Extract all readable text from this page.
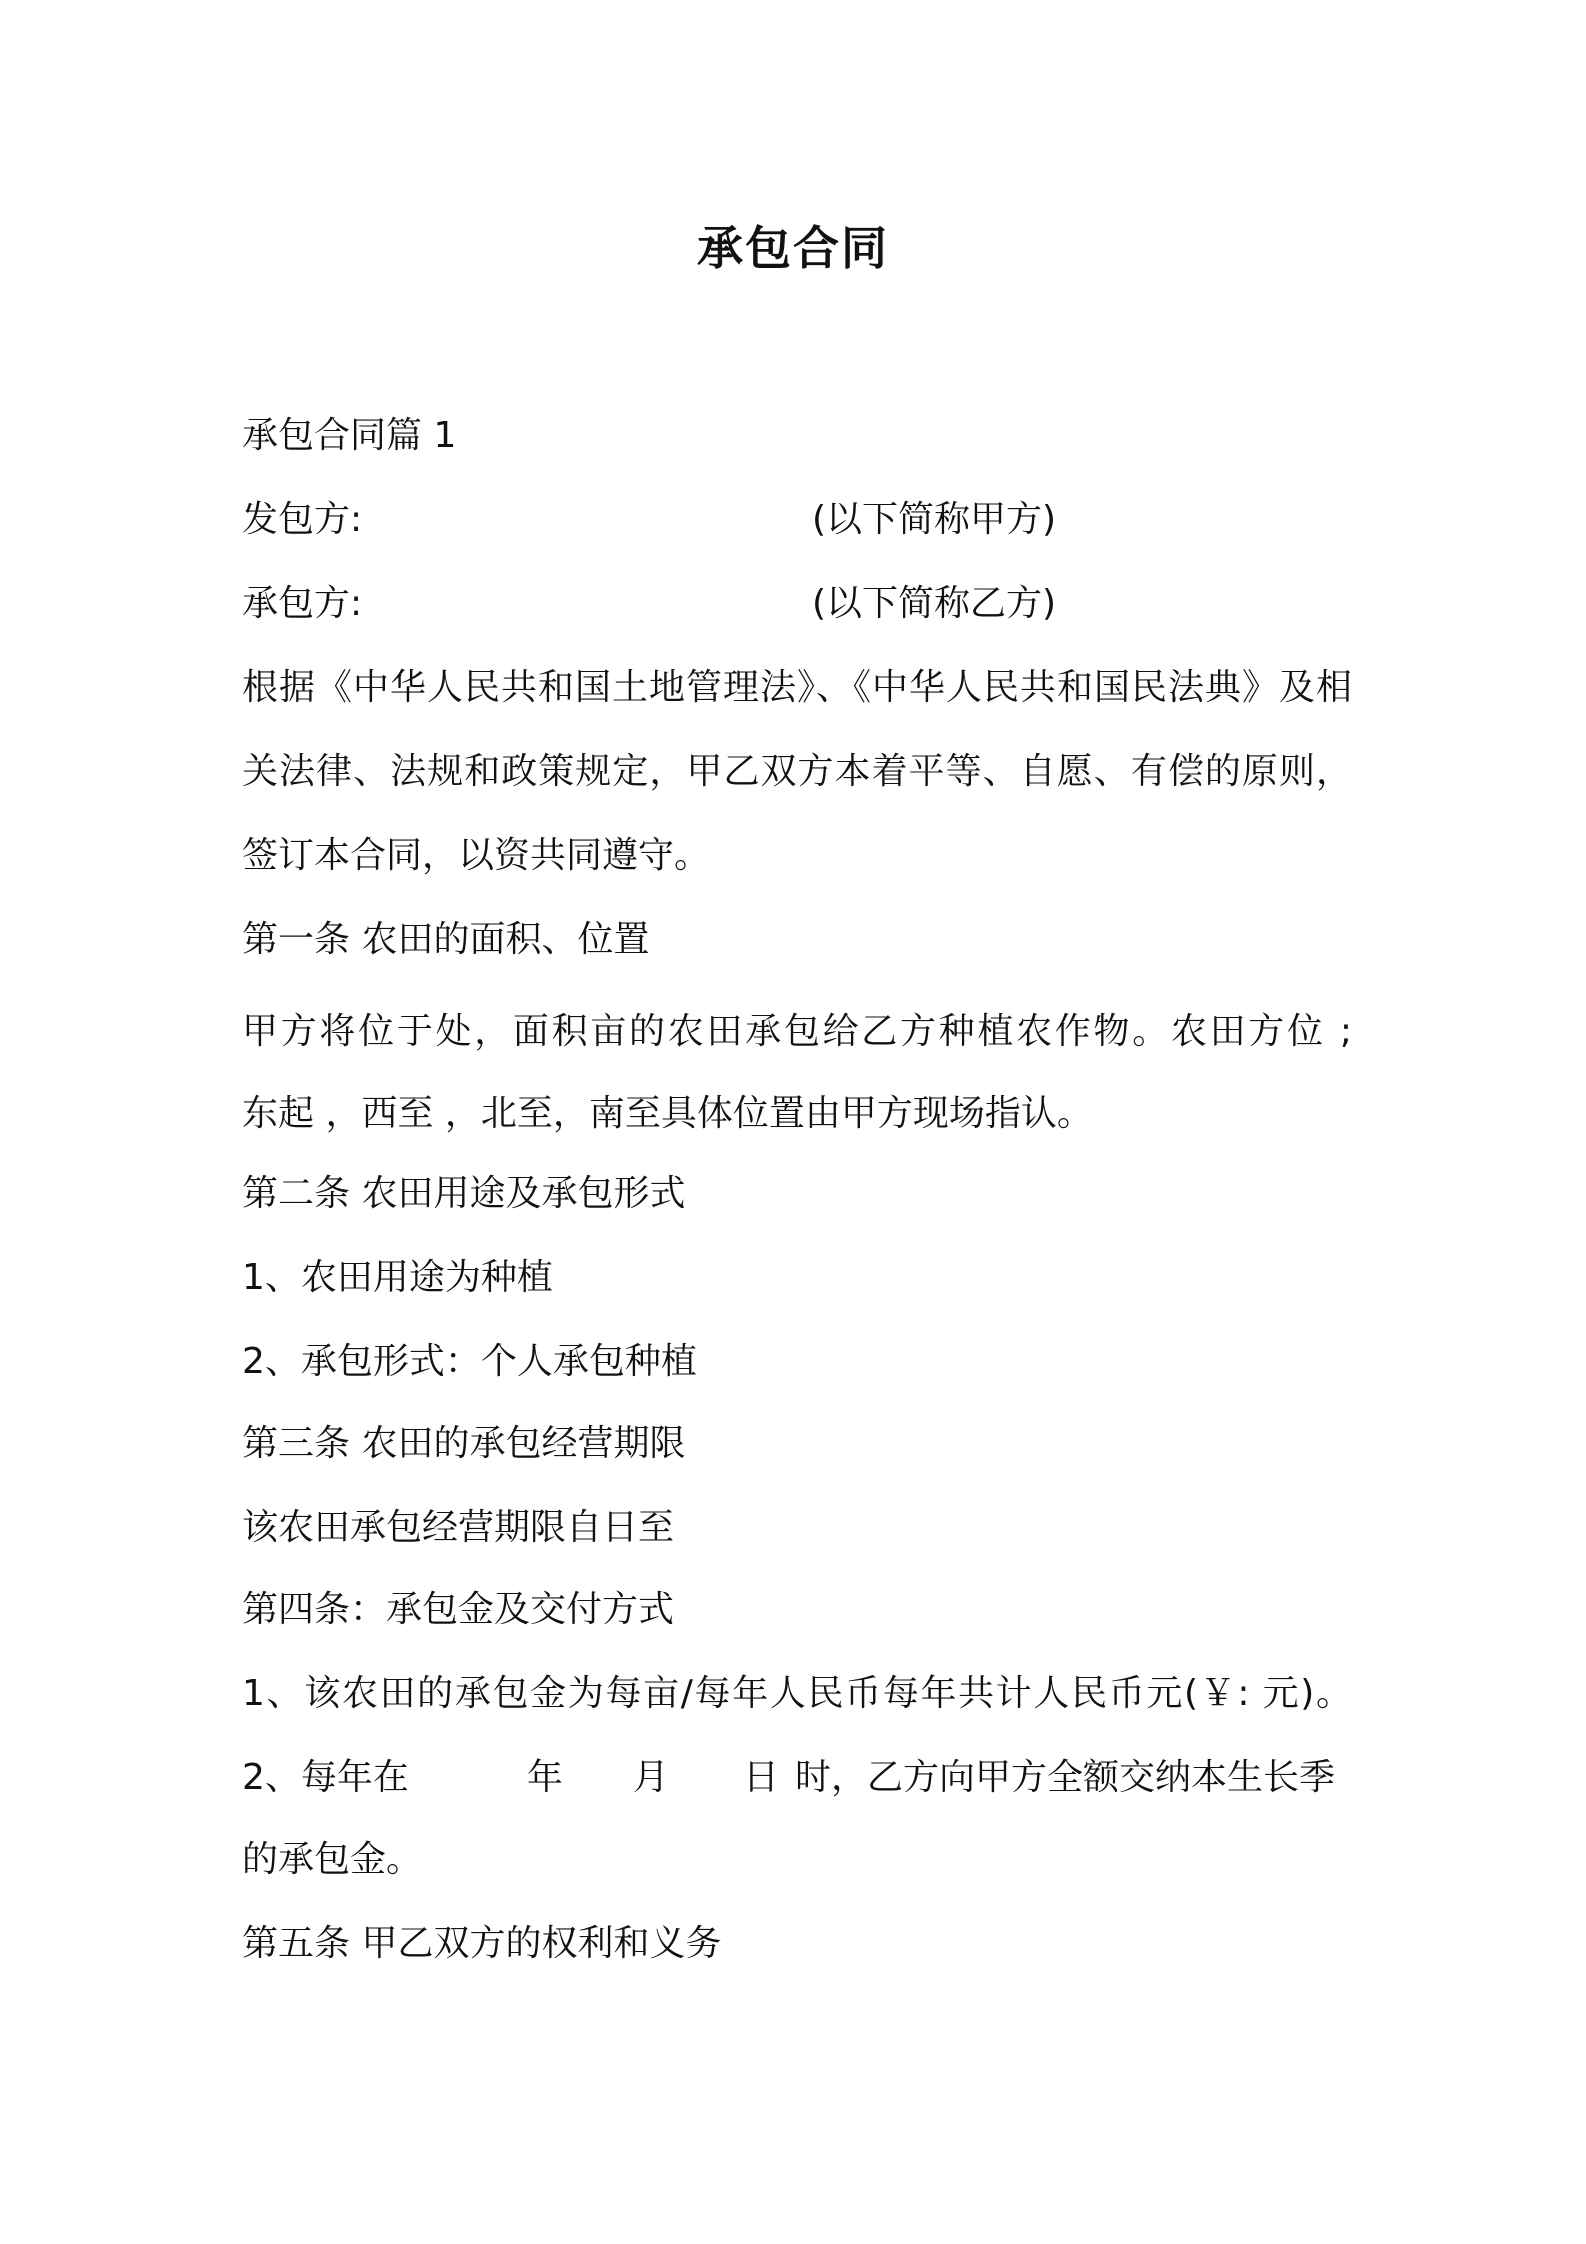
承包合同
承包合同篇 1
发包方:	(以下简称甲方)
承包方:	(以下简称乙方)
根据《中华人民共和国土地管理法》、《中华人民共和国民法典》及相
关法律、法规和政策规定，甲乙双方本着平等、自愿、有偿的原则，
签订本合同，以资共同遵守。
第一条 农田的面积、位置
甲方将位于处，面积亩的农田承包给乙方种植农作物。农田方位 ;
东起 ，西至 ，北至，南至具体位置由甲方现场指认。
第二条 农田用途及承包形式
1、农田用途为种植
2、承包形式：个人承包种植
第三条 农田的承包经营期限
该农田承包经营期限自日至
第四条：承包金及交付方式
1、该农田的承包金为每亩/每年人民币每年共计人民币元(￥: 元)。
2、每年在	年 月 日 时，乙方向甲方全额交纳本生长季
的承包金。
第五条 甲乙双方的权利和义务
